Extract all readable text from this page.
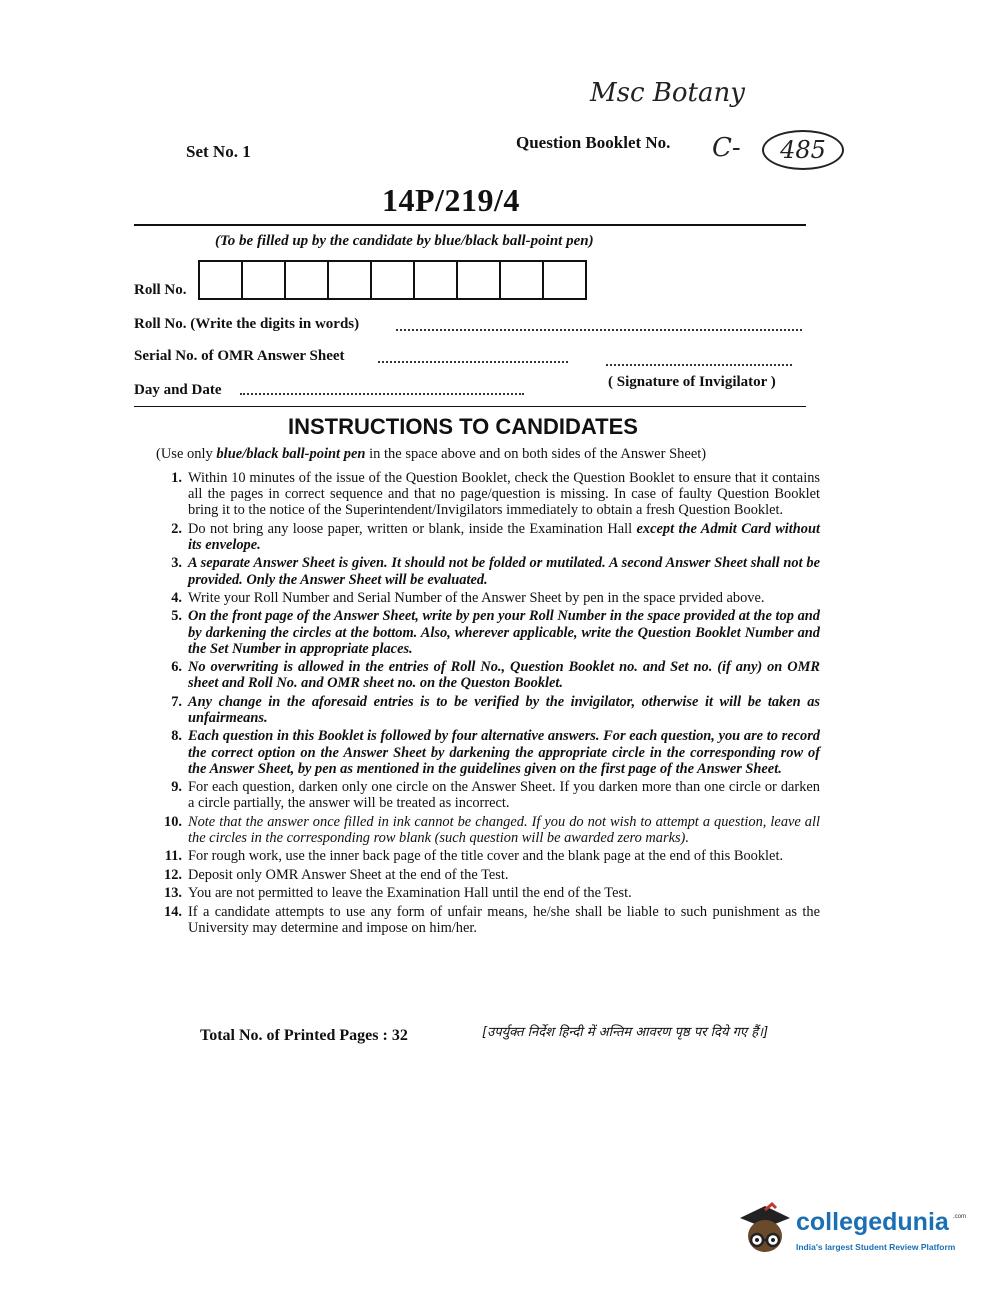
Msc Botany
Set No. 1	Question Booklet No. C-	485
14P/219/4
(To be filled up by the candidate by blue/black ball-point pen)
Roll No.
Roll No. (Write the digits in words)
Serial No. of OMR Answer Sheet
Day and Date	( Signature of Invigilator )
INSTRUCTIONS TO CANDIDATES
(Use only blue/black ball-point pen in the space above and on both sides of the Answer Sheet)
1. Within 10 minutes of the issue of the Question Booklet, check the Question Booklet to ensure that it contains all the pages in correct sequence and that no page/question is missing. In case of faulty Question Booklet bring it to the notice of the Superintendent/Invigilators immediately to obtain a fresh Question Booklet.
2. Do not bring any loose paper, written or blank, inside the Examination Hall except the Admit Card without its envelope.
3. A separate Answer Sheet is given. It should not be folded or mutilated. A second Answer Sheet shall not be provided. Only the Answer Sheet will be evaluated.
4. Write your Roll Number and Serial Number of the Answer Sheet by pen in the space prvided above.
5. On the front page of the Answer Sheet, write by pen your Roll Number in the space provided at the top and by darkening the circles at the bottom. Also, wherever applicable, write the Question Booklet Number and the Set Number in appropriate places.
6. No overwriting is allowed in the entries of Roll No., Question Booklet no. and Set no. (if any) on OMR sheet and Roll No. and OMR sheet no. on the Queston Booklet.
7. Any change in the aforesaid entries is to be verified by the invigilator, otherwise it will be taken as unfairmeans.
8. Each question in this Booklet is followed by four alternative answers. For each question, you are to record the correct option on the Answer Sheet by darkening the appropriate circle in the corresponding row of the Answer Sheet, by pen as mentioned in the guidelines given on the first page of the Answer Sheet.
9. For each question, darken only one circle on the Answer Sheet. If you darken more than one circle or darken a circle partially, the answer will be treated as incorrect.
10. Note that the answer once filled in ink cannot be changed. If you do not wish to attempt a question, leave all the circles in the corresponding row blank (such question will be awarded zero marks).
11. For rough work, use the inner back page of the title cover and the blank page at the end of this Booklet.
12. Deposit only OMR Answer Sheet at the end of the Test.
13. You are not permitted to leave the Examination Hall until the end of the Test.
14. If a candidate attempts to use any form of unfair means, he/she shall be liable to such punishment as the University may determine and impose on him/her.
Total No. of Printed Pages : 32	[उपर्युक्त निर्देश हिन्दी में अन्तिम आवरण पृष्ठ पर दिये गए हैं।]
collegedunia .com
India's largest Student Review Platform
